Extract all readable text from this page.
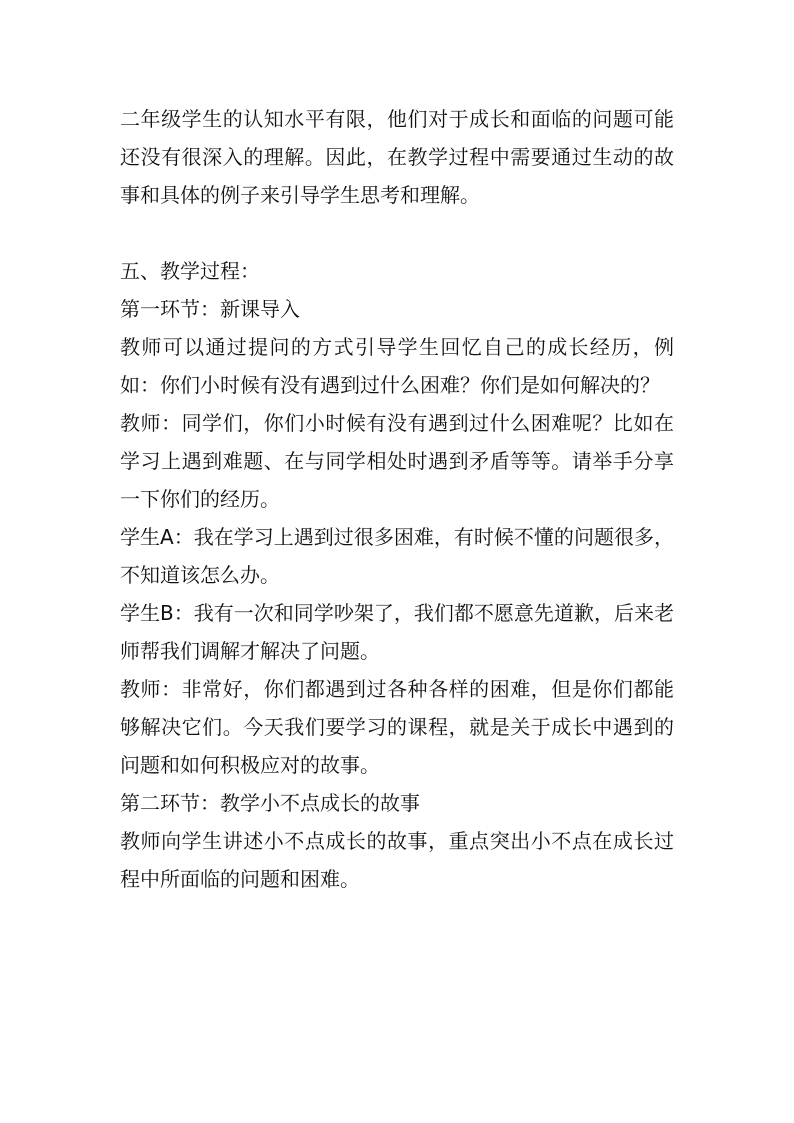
二年级学生的认知水平有限，他们对于成长和面临的问题可能还没有很深入的理解。因此，在教学过程中需要通过生动的故事和具体的例子来引导学生思考和理解。

五、教学过程：

第一环节：新课导入

教师可以通过提问的方式引导学生回忆自己的成长经历，例如：你们小时候有没有遇到过什么困难？你们是如何解决的？

教师：同学们，你们小时候有没有遇到过什么困难呢？比如在学习上遇到难题、在与同学相处时遇到矛盾等等。请举手分享一下你们的经历。

学生A：我在学习上遇到过很多困难，有时候不懂的问题很多，不知道该怎么办。

学生B：我有一次和同学吵架了，我们都不愿意先道歉，后来老师帮我们调解才解决了问题。

教师：非常好，你们都遇到过各种各样的困难，但是你们都能够解决它们。今天我们要学习的课程，就是关于成长中遇到的问题和如何积极应对的故事。

第二环节：教学小不点成长的故事

教师向学生讲述小不点成长的故事，重点突出小不点在成长过程中所面临的问题和困难。
